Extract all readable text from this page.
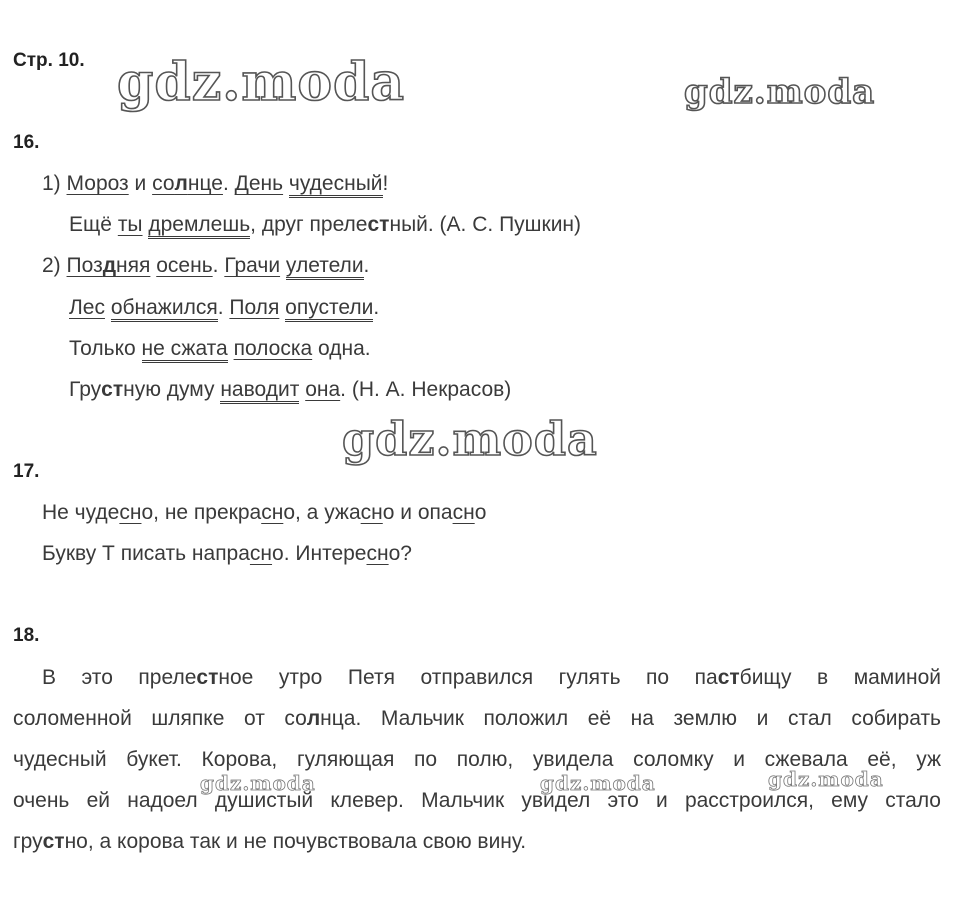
Стр. 10. gdz.moda	gdz.moda
gdz.moda
gdz.moda	gdz.moda	gdz.moda
16.
1) Мороз и солнце. День чудесный!
Ещё ты дремлешь, друг прелестный. (А. С. Пушкин)
2) Поздняя осень. Грачи улетели.
Лес обнажился. Поля опустели.
Только не сжата полоска одна.
Грустную думу наводит она. (Н. А. Некрасов)
17.
Не чудесно, не прекрасно, а ужасно и опасно
Букву Т писать напрасно. Интересно?
18.
В это прелестное утро Петя отправился гулять по пастбищу в маминой
соломенной шляпке от солнца. Мальчик положил её на землю и стал собирать
чудесный букет. Корова, гуляющая по полю, увидела соломку и сжевала её, уж
очень ей надоел душистый клевер. Мальчик увидел это и расстроился, ему стало
грустно, а корова так и не почувствовала свою вину.
